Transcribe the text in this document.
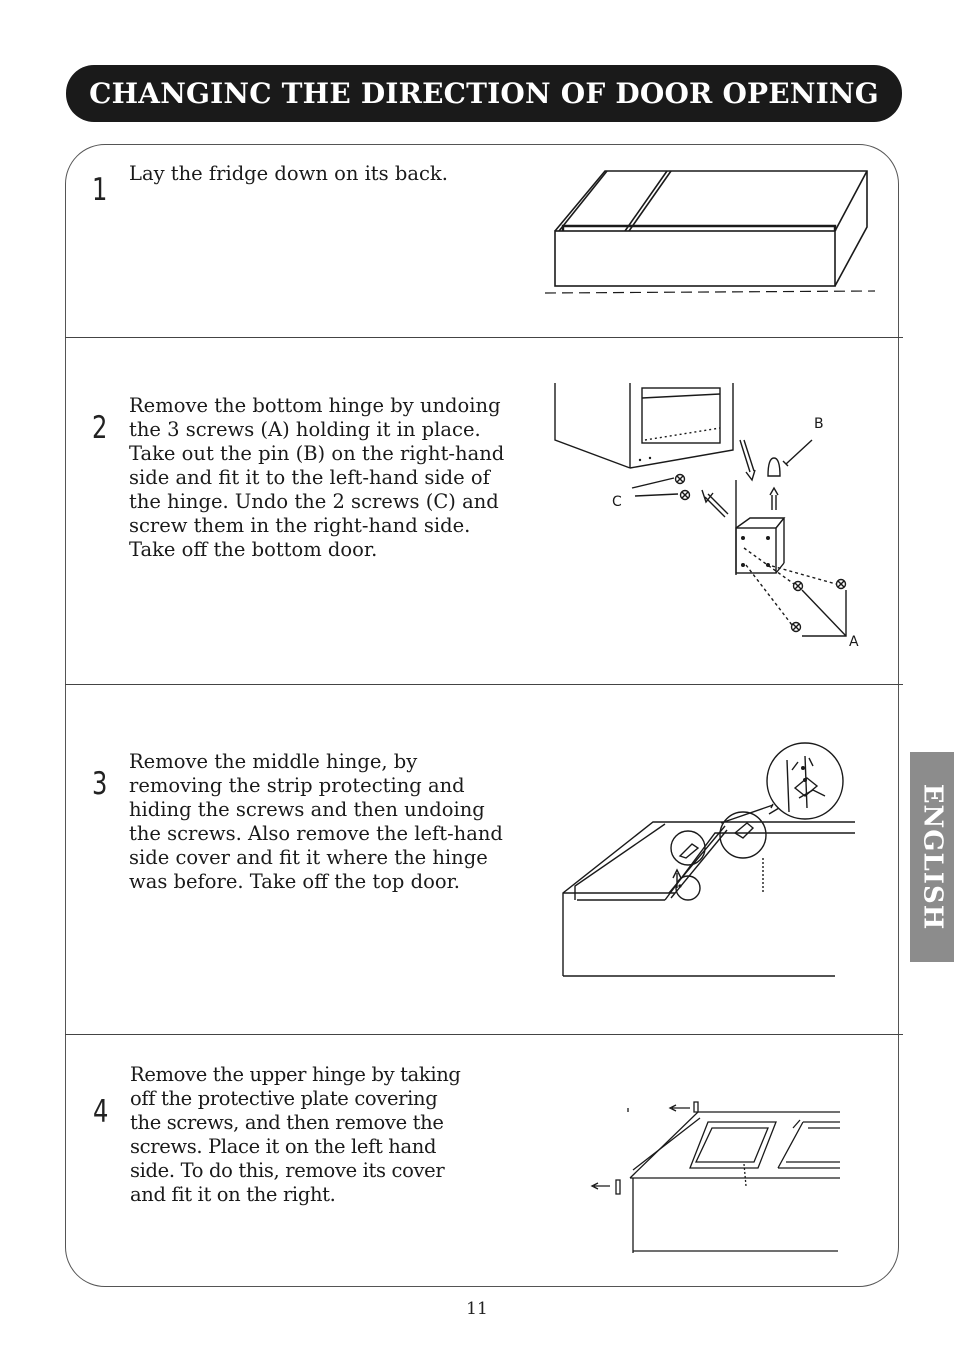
CHANGINC THE DIRECTION OF DOOR OPENING
1 Lay the fridge down on its back.
2
Remove the bottom hinge by undoing
the 3 screws (A) holding it in place.
Take out the pin (B) on the right-hand
side and fit it to the left-hand side of
the hinge. Undo the 2 screws (C) and
screw them in the right-hand side.
Take off the bottom door.
B
C
A
3
Remove the middle hinge, by
removing the strip protecting and
hiding the screws and then undoing
the screws. Also remove the left-hand
side cover and fit it where the hinge
was before. Take off the top door.
4
Remove the upper hinge by taking
off the protective plate covering
the screws, and then remove the
screws. Place it on the left hand
side. To do this, remove its cover
and fit it on the right.
ENGLISH
11
